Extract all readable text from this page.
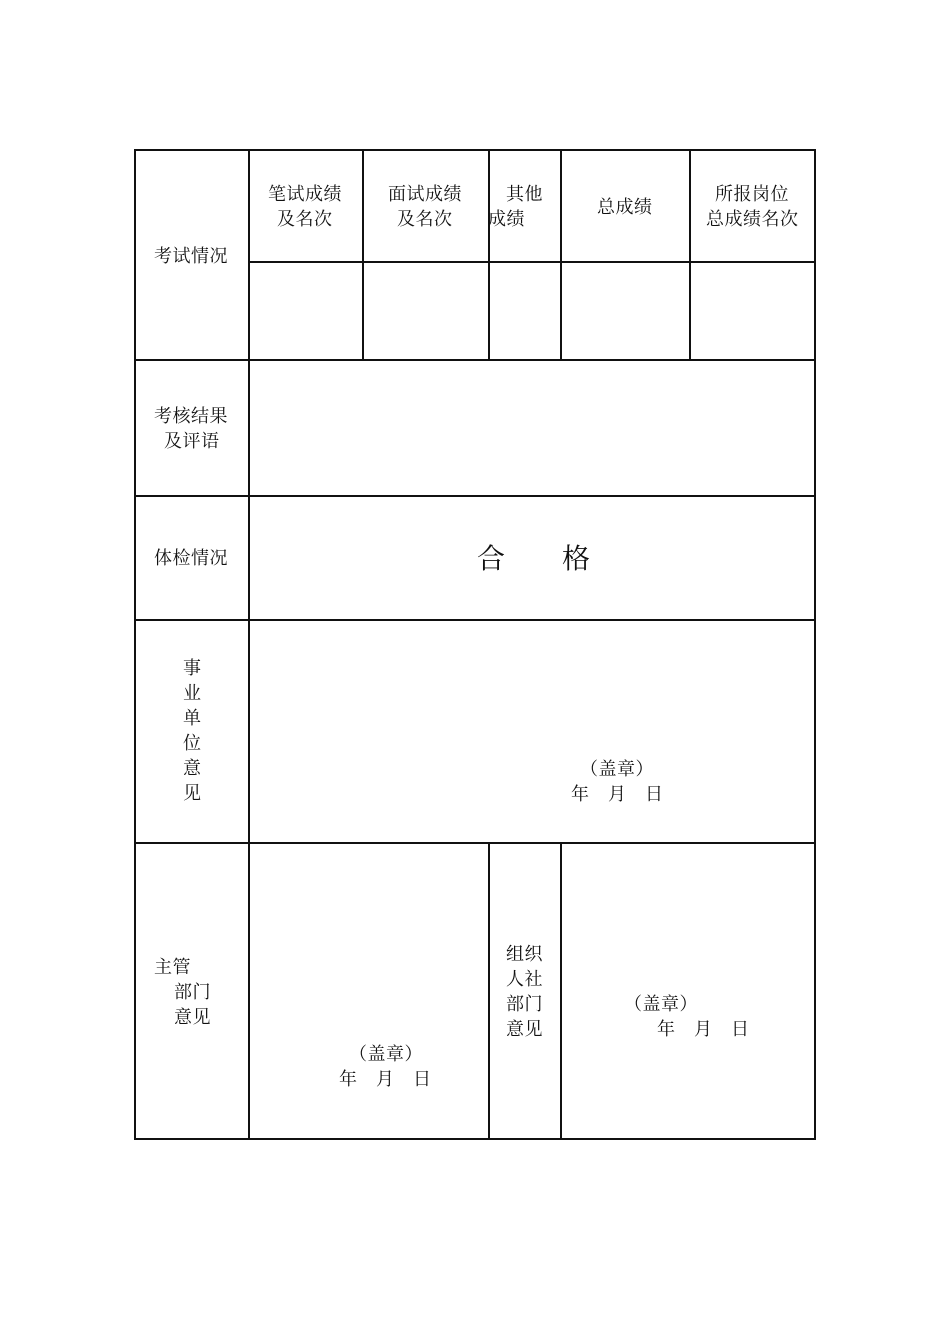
考试情况
笔试成绩
及名次
面试成绩
及名次
其他
成绩
总成绩
所报岗位
总成绩名次
考核结果
及评语
体检情况	合 格
事
业
单
位
意
见
（盖章）
年　月　日
主管
部门
意见
（盖章）
年　月　日
组织
人社
部门
意见
（盖章）
年　月　日
